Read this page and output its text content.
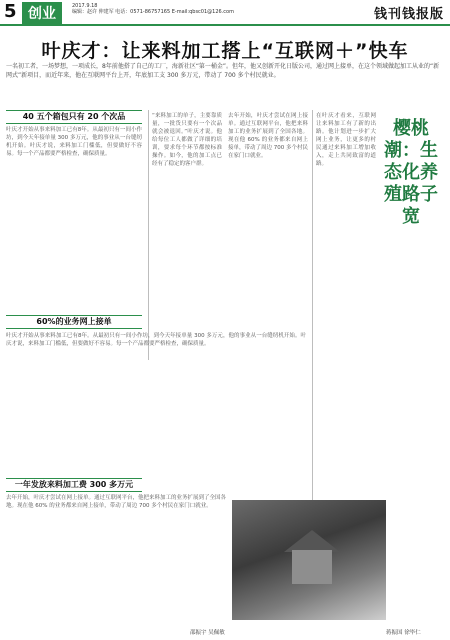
5 创业	2017.9.18
编辑：赵许 伸建军 电话：0571-86757165 E-mail:qbsc01@126.com	钱刊钱报版
叶庆才：让来料加工搭上“互联网＋”快车
一名初工者，一场梦想，一项成长，8年前他搭了自己的工厂，海新社区“第一桶金”。但年，他又创新开化日版公司，通过网上接单，在这个领域做起加工从业的“新网式”新项目，而近年来，他在互联网平台上开，年底加工支 300 多万元，带动了 700 多个村民就业。
40 五个箱包只有 20 个次品
叶庆才开始从事来料加工已有8年。从最初只有一间小作坊，到今天年接单量 300 多万元，他的事业从一台缝纫机开始。叶庆才说，来料加工门槛低，但要做好不容易。每一个产品都要严格检查，确保质量。
“来料加工的单子，主要靠质量，一批货只要有一个次品就会被退回。”叶庆才说。他给每位工人都做了详细的培训，要求每个环节都按标准操作。如今，他的加工点已经有了稳定的客户群。
去年开始，叶庆才尝试在网上接单。通过互联网平台，他把来料加工的业务扩展到了全国各地。现在他 60% 的业务都来自网上接单，带动了周边 700 多个村民在家门口就业。
60%的业务网上接单
叶庆才开始从事来料加工已有8年。从最初只有一间小作坊，到今天年接单量 300 多万元，他的事业从一台缝纫机开始。叶庆才说，来料加工门槛低，但要做好不容易。每一个产品都要严格检查，确保质量。
一年发放来料加工费 300 多万元
去年开始，叶庆才尝试在网上接单。通过互联网平台，他把来料加工的业务扩展到了全国各地。现在他 60% 的业务都来自网上接单，带动了周边 700 多个村民在家门口就业。
在叶庆才看来，互联网让来料加工有了新的出路。他计划进一步扩大网上业务，让更多的村民通过来料加工增加收入，走上共同致富的道路。
樱桃潮：生态化养殖路子宽
邵振宇 吴佩敏	蒋振国 徐毕仁
